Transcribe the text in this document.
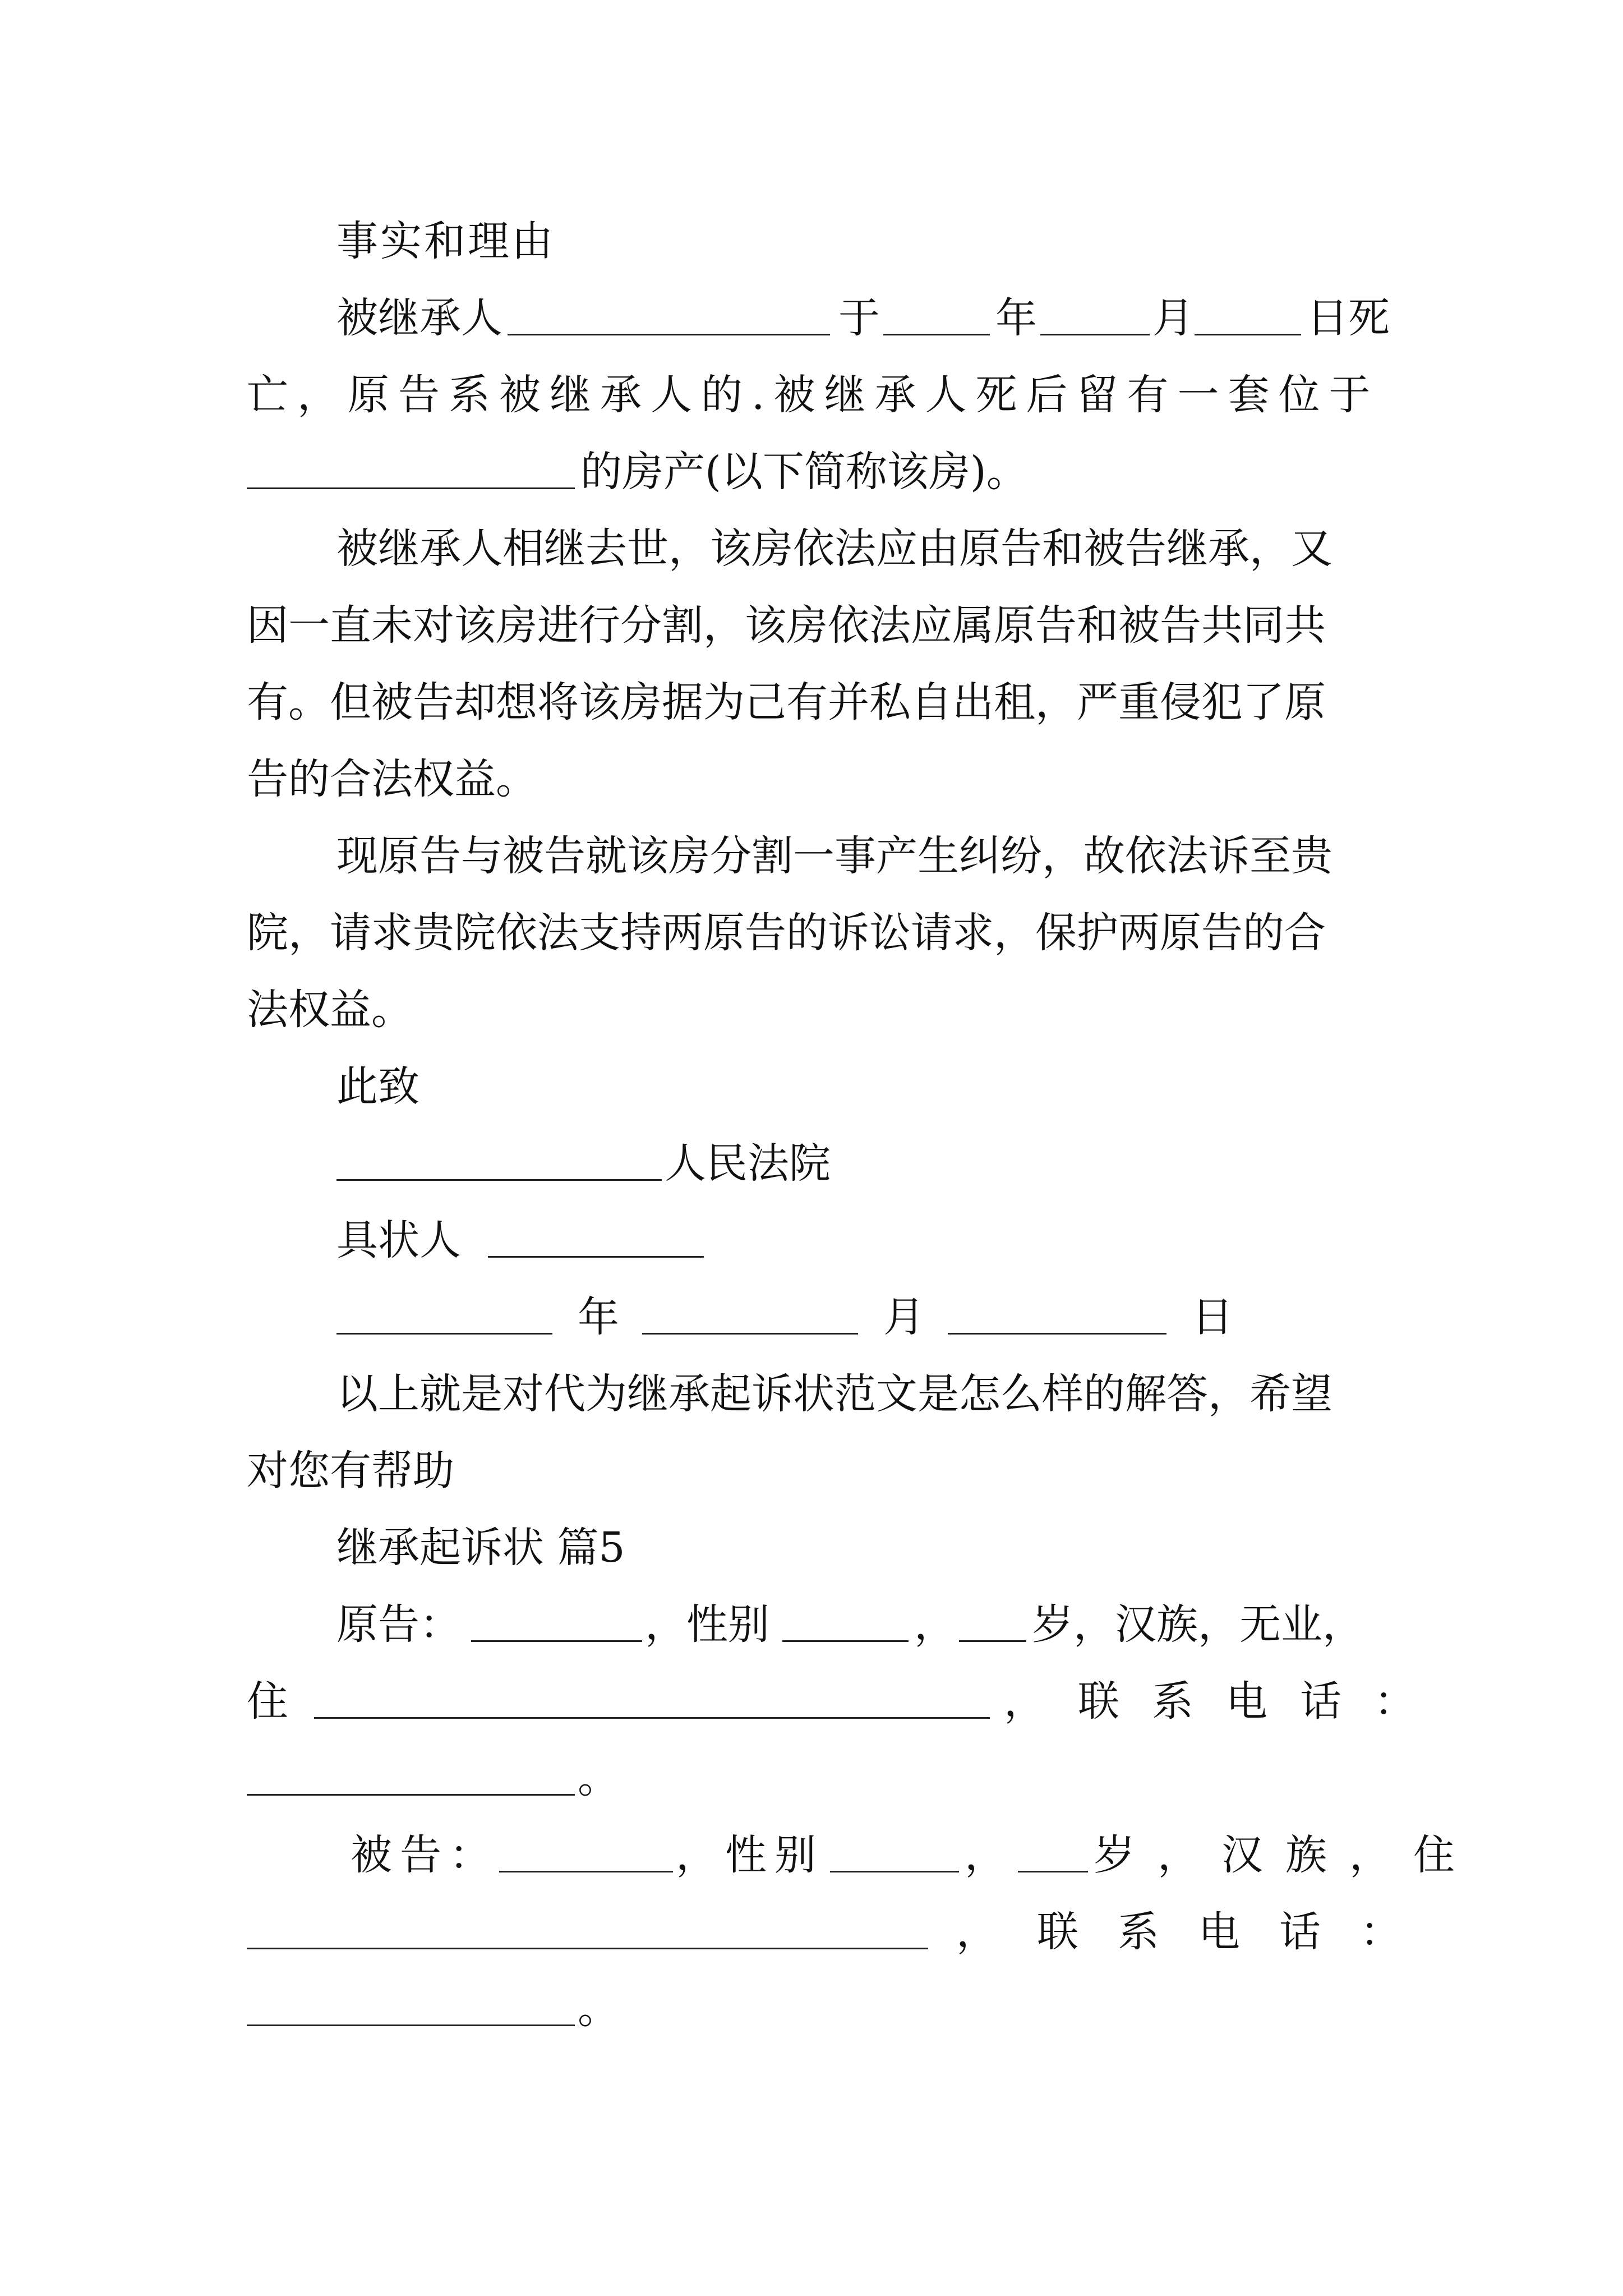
事实和理由
被继承人	于	年	月	日死
亡，原告系被继承人的.被继承人死后留有一套位于
的房产(以下简称该房)。
被继承人相继去世，该房依法应由原告和被告继承，又
因一直未对该房进行分割，该房依法应属原告和被告共同共
有。但被告却想将该房据为己有并私自出租，严重侵犯了原
告的合法权益。
现原告与被告就该房分割一事产生纠纷，故依法诉至贵
院，请求贵院依法支持两原告的诉讼请求，保护两原告的合
法权益。
此致
人民法院
具状人
年	月	日
以上就是对代为继承起诉状范文是怎么样的解答，希望
对您有帮助
继承起诉状 篇5
原告：	，性别	， 岁，汉族，无业，
住	，联系电话：
。
被告：	，性别	， 岁，汉族，住
，联系电话：
。
